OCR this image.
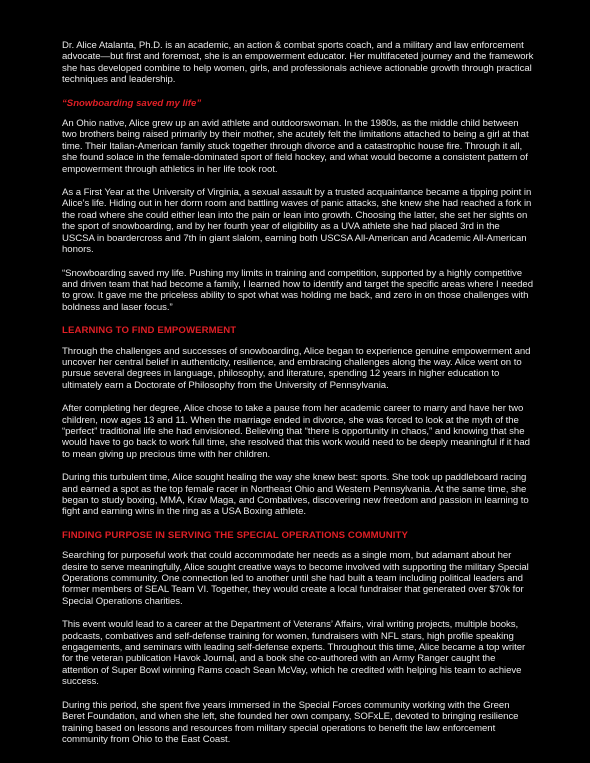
Dr. Alice Atalanta, Ph.D. is an academic, an action & combat sports coach, and a military and law enforcement advocate—but first and foremost, she is an empowerment educator. Her multifaceted journey and the framework she has developed combine to help women, girls, and professionals achieve actionable growth through practical techniques and leadership.

“Snowboarding saved my life”

An Ohio native, Alice grew up an avid athlete and outdoorswoman. In the 1980s, as the middle child between two brothers being raised primarily by their mother, she acutely felt the limitations attached to being a girl at that time. Their Italian-American family stuck together through divorce and a catastrophic house fire. Through it all, she found solace in the female-dominated sport of field hockey, and what would become a consistent pattern of empowerment through athletics in her life took root.

As a First Year at the University of Virginia, a sexual assault by a trusted acquaintance became a tipping point in Alice’s life. Hiding out in her dorm room and battling waves of panic attacks, she knew she had reached a fork in the road where she could either lean into the pain or lean into growth. Choosing the latter, she set her sights on the sport of snowboarding, and by her fourth year of eligibility as a UVA athlete she had placed 3rd in the USCSA in boardercross and 7th in giant slalom, earning both USCSA All-American and Academic All-American honors.

“Snowboarding saved my life. Pushing my limits in training and competition, supported by a highly competitive and driven team that had become a family, I learned how to identify and target the specific areas where I needed to grow. It gave me the priceless ability to spot what was holding me back, and zero in on those challenges with boldness and laser focus.”

LEARNING TO FIND EMPOWERMENT

Through the challenges and successes of snowboarding, Alice began to experience genuine empowerment and uncover her central belief in authenticity, resilience, and embracing challenges along the way. Alice went on to pursue several degrees in language, philosophy, and literature, spending 12 years in higher education to ultimately earn a Doctorate of Philosophy from the University of Pennsylvania.

After completing her degree, Alice chose to take a pause from her academic career to marry and have her two children, now ages 13 and 11. When the marriage ended in divorce, she was forced to look at the myth of the “perfect” traditional life she had envisioned. Believing that “there is opportunity in chaos,” and knowing that she would have to go back to work full time, she resolved that this work would need to be deeply meaningful if it had to mean giving up precious time with her children.

During this turbulent time, Alice sought healing the way she knew best: sports. She took up paddleboard racing and earned a spot as the top female racer in Northeast Ohio and Western Pennsylvania. At the same time, she began to study boxing, MMA, Krav Maga, and Combatives, discovering new freedom and passion in learning to fight and earning wins in the ring as a USA Boxing athlete.

FINDING PURPOSE IN SERVING THE SPECIAL OPERATIONS COMMUNITY

Searching for purposeful work that could accommodate her needs as a single mom, but adamant about her desire to serve meaningfully, Alice sought creative ways to become involved with supporting the military Special Operations community. One connection led to another until she had built a team including political leaders and former members of SEAL Team VI. Together, they would create a local fundraiser that generated over $70k for Special Operations charities.

This event would lead to a career at the Department of Veterans’ Affairs, viral writing projects, multiple books, podcasts, combatives and self-defense training for women, fundraisers with NFL stars, high profile speaking engagements, and seminars with leading self-defense experts. Throughout this time, Alice became a top writer for the veteran publication Havok Journal, and a book she co-authored with an Army Ranger caught the attention of Super Bowl winning Rams coach Sean McVay, which he credited with helping his team to achieve success.

During this period, she spent five years immersed in the Special Forces community working with the Green Beret Foundation, and when she left, she founded her own company, SOFxLE, devoted to bringing resilience training based on lessons and resources from military special operations to benefit the law enforcement community from Ohio to the East Coast.
